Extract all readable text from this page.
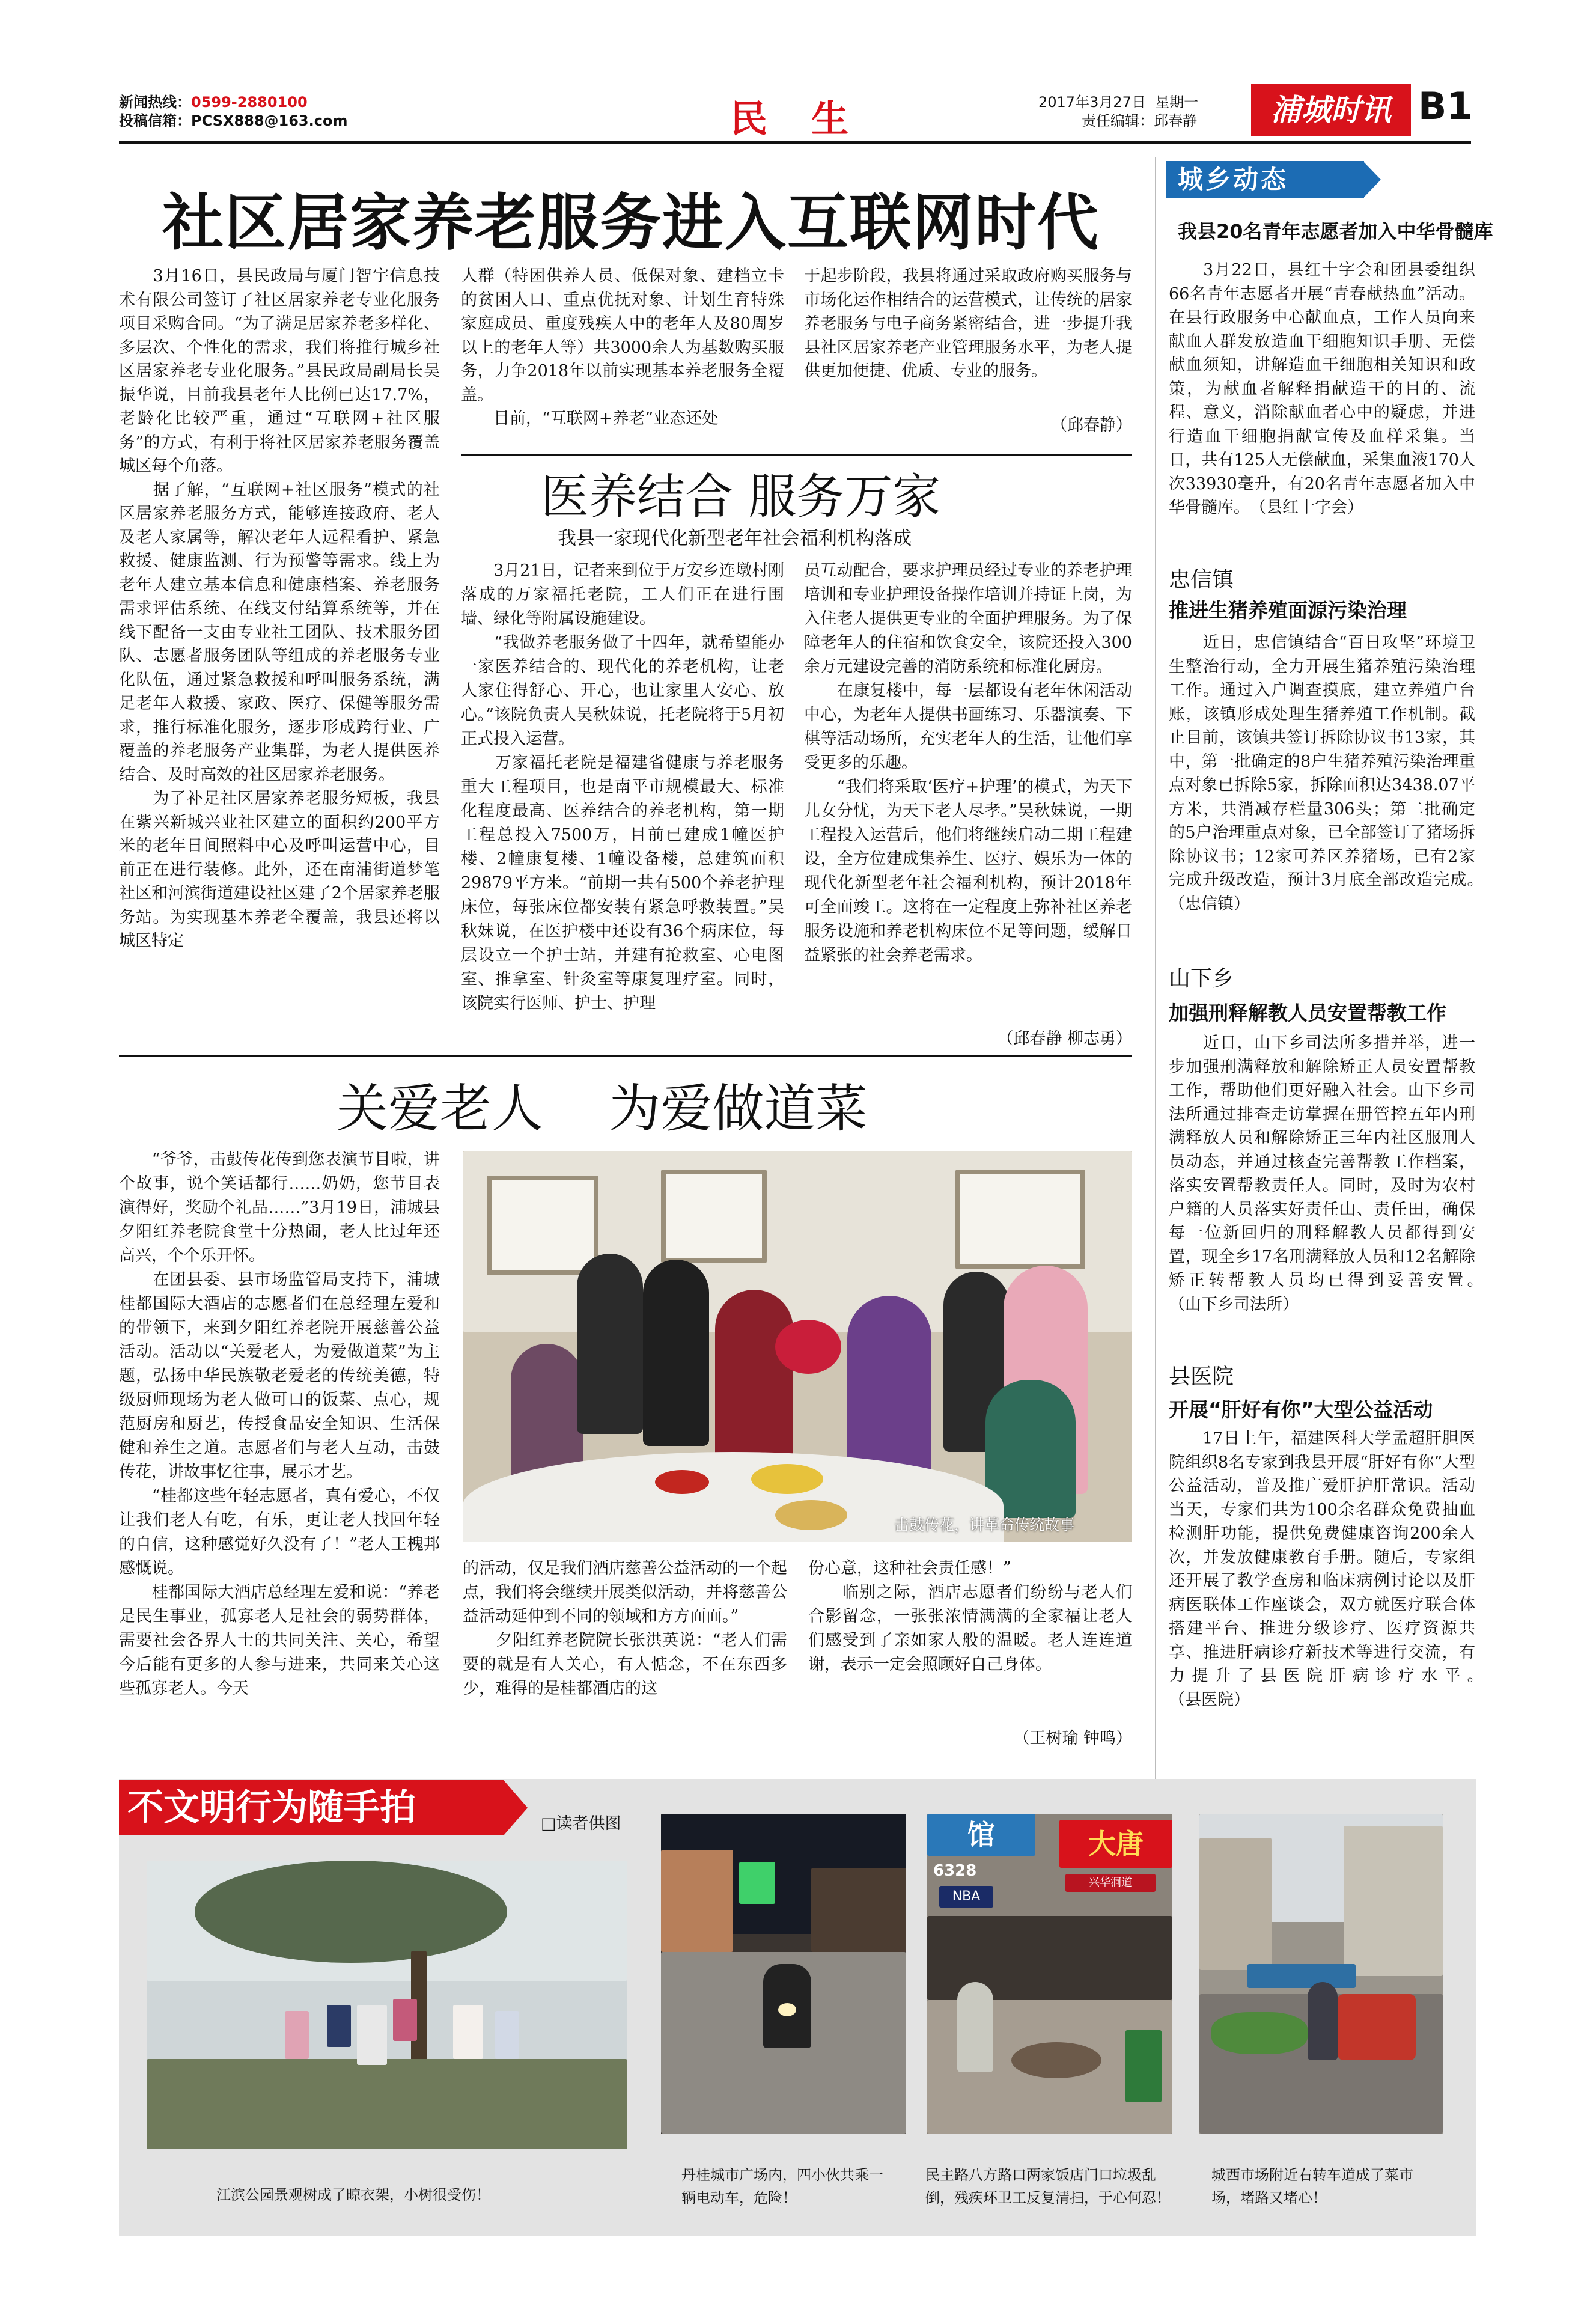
新闻热线：0599-2880100
投稿信箱：PCSX888@163.com	民  生	2017年3月27日 星期一
责任编辑：邱春静	浦城时讯 B1
社区居家养老服务进入互联网时代

　　3月16日，县民政局与厦门智宇信息技术有限公司签订了社区居家养老专业化服务项目采购合同。“为了满足居家养老多样化、多层次、个性化的需求，我们将推行城乡社区居家养老专业化服务。”县民政局副局长吴振华说，目前我县老年人比例已达17.7%，老龄化比较严重，通过“互联网+社区服务”的方式，有利于将社区居家养老服务覆盖城区每个角落。
　　据了解，“互联网+社区服务”模式的社区居家养老服务方式，能够连接政府、老人及老人家属等，解决老年人远程看护、紧急救援、健康监测、行为预警等需求。线上为老年人建立基本信息和健康档案、养老服务需求评估系统、在线支付结算系统等，并在线下配备一支由专业社工团队、技术服务团队、志愿者服务团队等组成的养老服务专业化队伍，通过紧急救援和呼叫服务系统，满足老年人救援、家政、医疗、保健等服务需求，推行标准化服务，逐步形成跨行业、广覆盖的养老服务产业集群，为老人提供医养结合、及时高效的社区居家养老服务。
　　为了补足社区居家养老服务短板，我县在紫兴新城兴业社区建立的面积约200平方米的老年日间照料中心及呼叫运营中心，目前正在进行装修。此外，还在南浦街道梦笔社区和河滨街道建设社区建了2个居家养老服务站。为实现基本养老全覆盖，我县还将以城区特定

人群（特困供养人员、低保对象、建档立卡的贫困人口、重点优抚对象、计划生育特殊家庭成员、重度残疾人中的老年人及80周岁以上的老年人等）共3000余人为基数购买服务，力争2018年以前实现基本养老服务全覆盖。
　　目前，“互联网+养老”业态还处

于起步阶段，我县将通过采取政府购买服务与市场化运作相结合的运营模式，让传统的居家养老服务与电子商务紧密结合，进一步提升我县社区居家养老产业管理服务水平，为老人提供更加便捷、优质、专业的服务。

（邱春静）
医养结合 服务万家
我县一家现代化新型老年社会福利机构落成

　　3月21日，记者来到位于万安乡连墩村刚落成的万家福托老院，工人们正在进行围墙、绿化等附属设施建设。
　　“我做养老服务做了十四年，就希望能办一家医养结合的、现代化的养老机构，让老人家住得舒心、开心，也让家里人安心、放心。”该院负责人吴秋妹说，托老院将于5月初正式投入运营。
　　万家福托老院是福建省健康与养老服务重大工程项目，也是南平市规模最大、标准化程度最高、医养结合的养老机构，第一期工程总投入7500万，目前已建成1幢医护楼、2幢康复楼、1幢设备楼，总建筑面积29879平方米。“前期一共有500个养老护理床位，每张床位都安装有紧急呼救装置。”吴秋妹说，在医护楼中还设有36个病床位，每层设立一个护士站，并建有抢救室、心电图室、推拿室、针灸室等康复理疗室。同时，该院实行医师、护士、护理

员互动配合，要求护理员经过专业的养老护理培训和专业护理设备操作培训并持证上岗，为入住老人提供更专业的全面护理服务。为了保障老年人的住宿和饮食安全，该院还投入300余万元建设完善的消防系统和标准化厨房。
　　在康复楼中，每一层都设有老年休闲活动中心，为老年人提供书画练习、乐器演奏、下棋等活动场所，充实老年人的生活，让他们享受更多的乐趣。
　　“我们将采取‘医疗+护理’的模式，为天下儿女分忧，为天下老人尽孝。”吴秋妹说，一期工程投入运营后，他们将继续启动二期工程建设，全方位建成集养生、医疗、娱乐为一体的现代化新型老年社会福利机构，预计2018年可全面竣工。这将在一定程度上弥补社区养老服务设施和养老机构床位不足等问题，缓解日益紧张的社会养老需求。

（邱春静 柳志勇）
关爱老人    为爱做道菜

　　“爷爷，击鼓传花传到您表演节目啦，讲个故事，说个笑话都行……奶奶，您节目表演得好，奖励个礼品……”3月19日，浦城县夕阳红养老院食堂十分热闹，老人比过年还高兴，个个乐开怀。
　　在团县委、县市场监管局支持下，浦城桂都国际大酒店的志愿者们在总经理左爱和的带领下，来到夕阳红养老院开展慈善公益活动。活动以“关爱老人，为爱做道菜”为主题，弘扬中华民族敬老爱老的传统美德，特级厨师现场为老人做可口的饭菜、点心，规范厨房和厨艺，传授食品安全知识、生活保健和养生之道。志愿者们与老人互动，击鼓传花，讲故事忆往事，展示才艺。
　　“桂都这些年轻志愿者，真有爱心，不仅让我们老人有吃，有乐，更让老人找回年轻的自信，这种感觉好久没有了！”老人王槐邦感慨说。
　　桂都国际大酒店总经理左爱和说：“养老是民生事业，孤寡老人是社会的弱势群体，需要社会各界人士的共同关注、关心，希望今后能有更多的人参与进来，共同来关心这些孤寡老人。今天

击鼓传花，讲革命传统故事

的活动，仅是我们酒店慈善公益活动的一个起点，我们将会继续开展类似活动，并将慈善公益活动延伸到不同的领域和方方面面。”
　　夕阳红养老院院长张洪英说：“老人们需要的就是有人关心，有人惦念，不在东西多少，难得的是桂都酒店的这

份心意，这种社会责任感！”
　　临别之际，酒店志愿者们纷纷与老人们合影留念，一张张浓情满满的全家福让老人们感受到了亲如家人般的温暖。老人连连道谢，表示一定会照顾好自己身体。

（王树瑜 钟鸣）
城乡动态
我县20名青年志愿者加入中华骨髓库

　　3月22日，县红十字会和团县委组织66名青年志愿者开展“青春献热血”活动。在县行政服务中心献血点，工作人员向来献血人群发放造血干细胞知识手册、无偿献血须知，讲解造血干细胞相关知识和政策，为献血者解释捐献造干的目的、流程、意义，消除献血者心中的疑虑，并进行造血干细胞捐献宣传及血样采集。当日，共有125人无偿献血，采集血液170人次33930毫升，有20名青年志愿者加入中华骨髓库。　（县红十字会）

忠信镇
推进生猪养殖面源污染治理

　　近日，忠信镇结合“百日攻坚”环境卫生整治行动，全力开展生猪养殖污染治理工作。通过入户调查摸底，建立养殖户台账，该镇形成处理生猪养殖工作机制。截止目前，该镇共签订拆除协议书13家，其中，第一批确定的8户生猪养殖污染治理重点对象已拆除5家，拆除面积达3438.07平方米，共消减存栏量306头；第二批确定的5户治理重点对象，已全部签订了猪场拆除协议书；12家可养区养猪场，已有2家完成升级改造，预计3月底全部改造完成。　　（忠信镇）

山下乡
加强刑释解教人员安置帮教工作

　　近日，山下乡司法所多措并举，进一步加强刑满释放和解除矫正人员安置帮教工作，帮助他们更好融入社会。山下乡司法所通过排查走访掌握在册管控五年内刑满释放人员和解除矫正三年内社区服刑人员动态，并通过核查完善帮教工作档案，落实安置帮教责任人。同时，及时为农村户籍的人员落实好责任山、责任田，确保每一位新回归的刑释解教人员都得到安置，现全乡17名刑满释放人员和12名解除矫正转帮教人员均已得到妥善安置。　　　（山下乡司法所）

县医院
开展“肝好有你”大型公益活动

　　17日上午，福建医科大学孟超肝胆医院组织8名专家到我县开展“肝好有你”大型公益活动，普及推广爱肝护肝常识。活动当天，专家们共为100余名群众免费抽血检测肝功能，提供免费健康咨询200余人次，并发放健康教育手册。随后，专家组还开展了教学查房和临床病例讨论以及肝病医联体工作座谈会，双方就医疗联合体搭建平台、推进分级诊疗、医疗资源共享、推进肝病诊疗新技术等进行交流，有力提升了县医院肝病诊疗水平。　　　　　（县医院）

不文明行为随手拍	□读者供图
江滨公园景观树成了晾衣架，小树很受伤！
丹桂城市广场内，四小伙共乘一辆电动车，危险！
馆	大唐
6328
NBA
兴华洞道
民主路八方路口两家饭店门口垃圾乱倒，残疾环卫工反复清扫，于心何忍！
城西市场附近右转车道成了菜市场，堵路又堵心！
